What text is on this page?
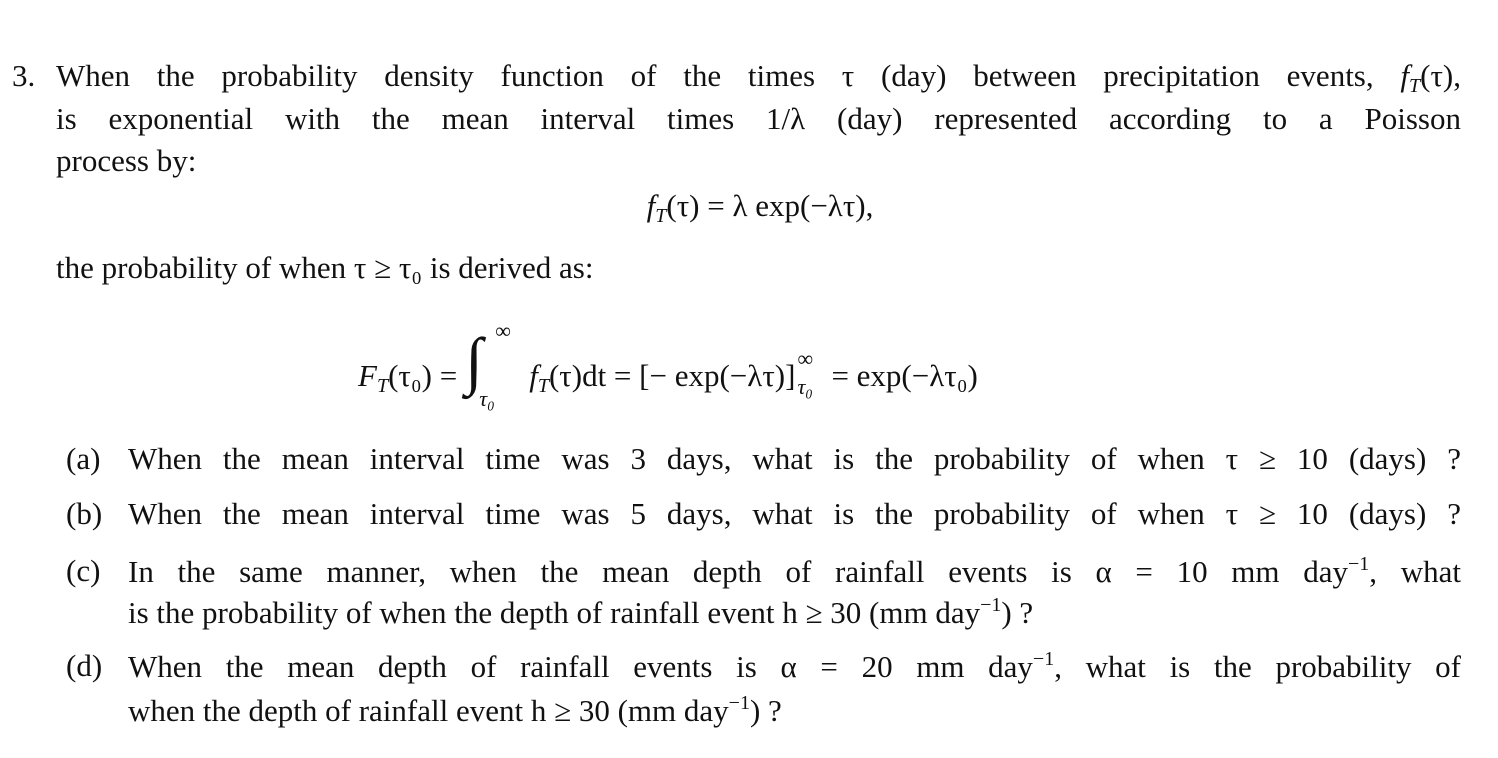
3. When the probability density function of the times τ (day) between precipitation events, $f_T(\tau)$,
is exponential with the mean interval times 1/λ (day) represented according to a Poisson
process by:
$f_T(\tau) = \lambda$ exp(−λτ),
the probability of when τ ≥ τ₀ is derived as:
$F_T(\tau_0)$ = ∫ ∞
τ₀
$f_T(\tau)dt$ = [− exp(−λτ)] ∞
τ₀ = exp(−λτ₀)
(a) When the mean interval time was 3 days, what is the probability of when τ ≥ 10 (days) ?
(b) When the mean interval time was 5 days, what is the probability of when τ ≥ 10 (days) ?
(c) In the same manner, when the mean depth of rainfall events is α = 10 mm day$^{-1}$, what
is the probability of when the depth of rainfall event h ≥ 30 (mm day$^{-1}$) ?
(d) When the mean depth of rainfall events is α = 20 mm day$^{-1}$, what is the probability of
when the depth of rainfall event h ≥ 30 (mm day$^{-1}$) ?
